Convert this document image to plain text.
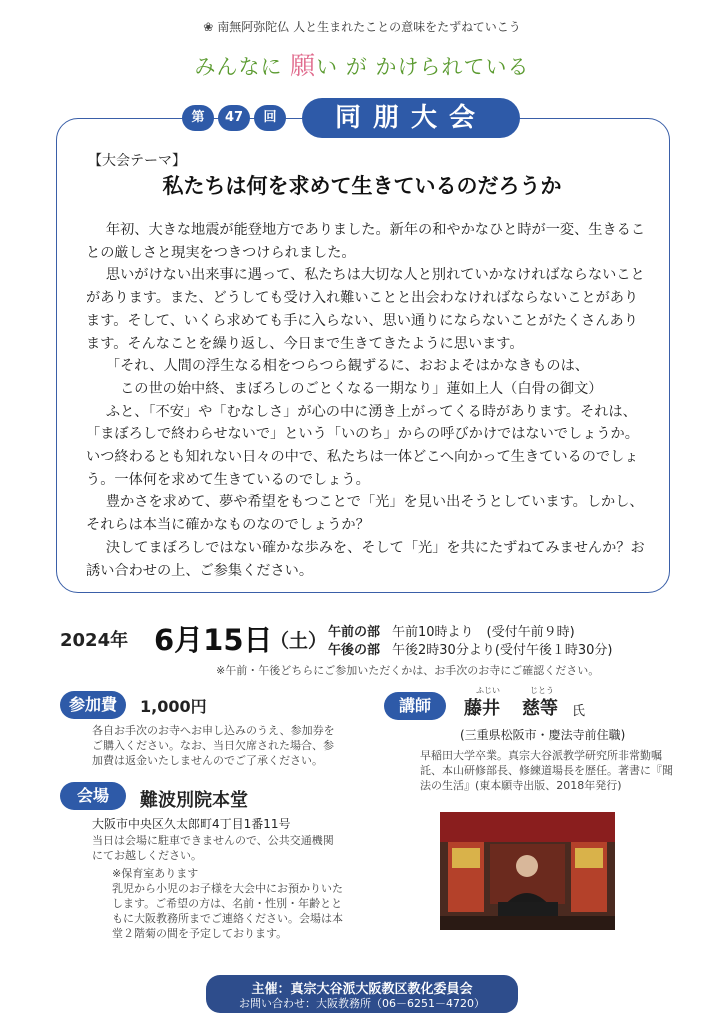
❀ 南無阿弥陀仏 人と生まれたことの意味をたずねていこう
みんなに 願い が かけられている
第	47	回	同朋大会
【大会テーマ】
私たちは何を求めて生きているのだろうか

年初、大きな地震が能登地方でありました。新年の和やかなひと時が一変、生きることの厳しさと現実をつきつけられました。

思いがけない出来事に遇って、私たちは大切な人と別れていかなければならないことがあります。また、どうしても受け入れ難いことと出会わなければならないことがあります。そして、いくら求めても手に入らない、思い通りにならないことがたくさんあります。そんなことを繰り返し、今日まで生きてきたように思います。

「それ、人間の浮生なる相をつらつら観ずるに、おおよそはかなきものは、

この世の始中終、まぼろしのごとくなる一期なり」蓮如上人（白骨の御文）

ふと、「不安」や「むなしさ」が心の中に湧き上がってくる時があります。それは、「まぼろしで終わらせないで」という「いのち」からの呼びかけではないでしょうか。いつ終わるとも知れない日々の中で、私たちは一体どこへ向かって生きているのでしょう。一体何を求めて生きているのでしょう。

豊かさを求めて、夢や希望をもつことで「光」を見い出そうとしています。しかし、それらは本当に確かなものなのでしょうか？

決してまぼろしではない確かな歩みを、そして「光」を共にたずねてみませんか？お誘い合わせの上、ご参集ください。

2024年 6月15日
（土） 午前の部 午前10時より　(受付午前９時)
午後の部 午後2時30分より(受付午後１時30分)
※午前・午後どちらにご参加いただくかは、お手次のお寺にご確認ください。
参加費	1,000円
各自お手次のお寺へお申し込みのうえ、参加券をご購入ください。なお、当日欠席された場合、参加費は返金いたしませんのでご了承ください。
会場	難波別院本堂
大阪市中央区久太郎町4丁目1番11号
当日は会場に駐車できませんので、公共交通機関にてお越しください。
※保育室あります
乳児から小児のお子様を大会中にお預かりいたします。ご希望の方は、名前・性別・年齢とともに大阪教務所までご連絡ください。会場は本堂２階菊の間を予定しております。
講師
ふじい	じとう
藤井 慈等 氏
(三重県松阪市・慶法寺前住職)
早稲田大学卒業。真宗大谷派教学研究所非常勤嘱託、本山研修部長、修練道場長を歴任。著書に『聞法の生活』(東本願寺出版、2018年発行)
主催：真宗大谷派大阪教区教化委員会
お問い合わせ：大阪教務所（06－6251－4720）
